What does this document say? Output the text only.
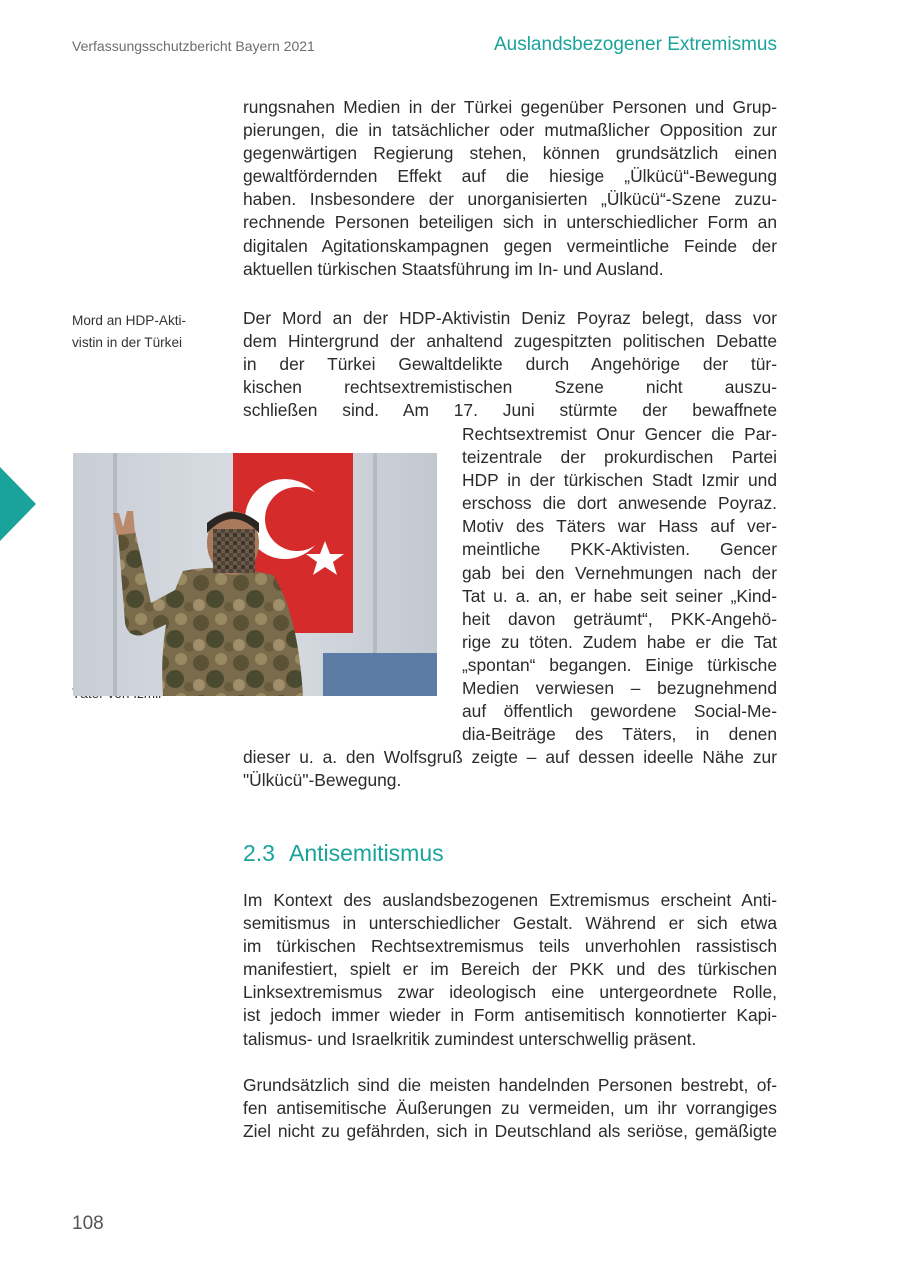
Verfassungsschutzbericht Bayern 2021	Auslandsbezogener Extremismus

rungsnahen Medien in der Türkei gegenüber Personen und Grup-
pierungen, die in tatsächlicher oder mutmaßlicher Opposition zur
gegenwärtigen Regierung stehen, können grundsätzlich einen
gewaltfördernden Effekt auf die hiesige „Ülkücü“-Bewegung
haben. Insbesondere der unorganisierten „Ülkücü“-Szene zuzu-
rechnende Personen beteiligen sich in unterschiedlicher Form an
digitalen Agitationskampagnen gegen vermeintliche Feinde der
aktuellen türkischen Staatsführung im In- und Ausland.

Mord an HDP-Akti-
vistin in der Türkei
Der Mord an der HDP-Aktivistin Deniz Poyraz belegt, dass vor
dem Hintergrund der anhaltend zugespitzten politischen Debatte
in der Türkei Gewaltdelikte durch Angehörige der tür-
kischen rechtsextremistischen Szene nicht auszu-
schließen sind. Am 17. Juni stürmte der bewaffnete
Rechtsextremist Onur Gencer die Par-
teizentrale der prokurdischen Partei
HDP in der türkischen Stadt Izmir und
erschoss die dort anwesende Poyraz.
Motiv des Täters war Hass auf ver-
meintliche PKK-Aktivisten. Gencer
gab bei den Vernehmungen nach der
Tat u. a. an, er habe seit seiner „Kind-
heit davon geträumt“, PKK-Angehö-
rige zu töten. Zudem habe er die Tat
„spontan“ begangen. Einige türkische
Medien verwiesen – bezugnehmend
auf öffentlich gewordene Social-Me-
dia-Beiträge des Täters, in denen
dieser u. a. den Wolfsgruß zeigte – auf dessen ideelle Nähe zur
"Ülkücü"-Bewegung.
2.3 Antisemitismus
Im Kontext des auslandsbezogenen Extremismus erscheint Anti-
semitismus in unterschiedlicher Gestalt. Während er sich etwa
im türkischen Rechtsextremismus teils unverhohlen rassistisch
manifestiert, spielt er im Bereich der PKK und des türkischen
Linksextremismus zwar ideologisch eine untergeordnete Rolle,
ist jedoch immer wieder in Form antisemitisch konnotierter Kapi-
talismus- und Israelkritik zumindest unterschwellig präsent.
Grundsätzlich sind die meisten handelnden Personen bestrebt, of-
fen antisemitische Äußerungen zu vermeiden, um ihr vorrangiges
Ziel nicht zu gefährden, sich in Deutschland als seriöse, gemäßigte
108
